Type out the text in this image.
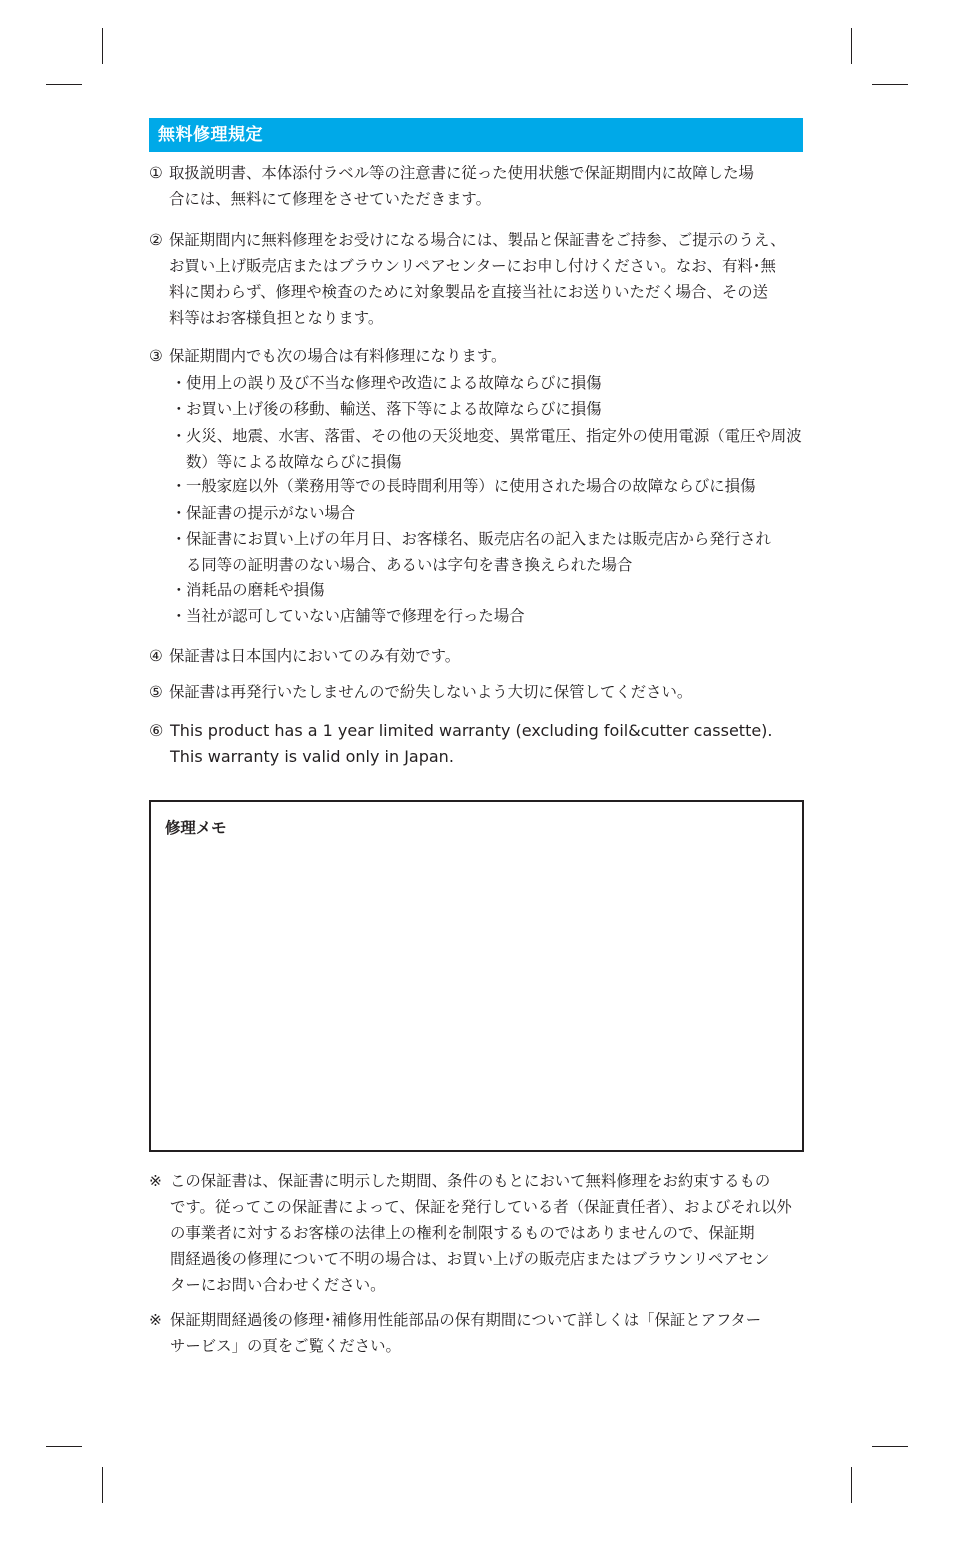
無料修理規定
① 取扱説明書、本体添付ラベル等の注意書に従った使用状態で保証期間内に故障した場
合には、無料にて修理をさせていただきます。
② 保証期間内に無料修理をお受けになる場合には、製品と保証書をご持参、ご提示のうえ、
お買い上げ販売店またはブラウンリペアセンターにお申し付けください。なお、有料･無
料に関わらず、修理や検査のために対象製品を直接当社にお送りいただく場合、その送
料等はお客様負担となります。
③ 保証期間内でも次の場合は有料修理になります。
･ 使用上の誤り及び不当な修理や改造による故障ならびに損傷
･ お買い上げ後の移動、輸送、落下等による故障ならびに損傷
･ 火災、地震、水害、落雷、その他の天災地変、異常電圧、指定外の使用電源（電圧や周波
数）等による故障ならびに損傷
･ 一般家庭以外（業務用等での長時間利用等）に使用された場合の故障ならびに損傷
･ 保証書の提示がない場合
･ 保証書にお買い上げの年月日、お客様名、販売店名の記入または販売店から発行され
る同等の証明書のない場合、あるいは字句を書き換えられた場合
･ 消耗品の磨耗や損傷
･ 当社が認可していない店舗等で修理を行った場合
④ 保証書は日本国内においてのみ有効です。
⑤ 保証書は再発行いたしませんので紛失しないよう大切に保管してください。
⑥ This product has a 1 year limited warranty (excluding foil&cutter cassette).
This warranty is valid only in Japan.
修理メモ
※ この保証書は、保証書に明示した期間、条件のもとにおいて無料修理をお約束するもの
です。従ってこの保証書によって、保証を発行している者（保証責任者）、およびそれ以外
の事業者に対するお客様の法律上の権利を制限するものではありませんので、保証期
間経過後の修理について不明の場合は、お買い上げの販売店またはブラウンリペアセン
ターにお問い合わせください。
※ 保証期間経過後の修理･補修用性能部品の保有期間について詳しくは「保証とアフター
サービス」の頁をご覧ください。
